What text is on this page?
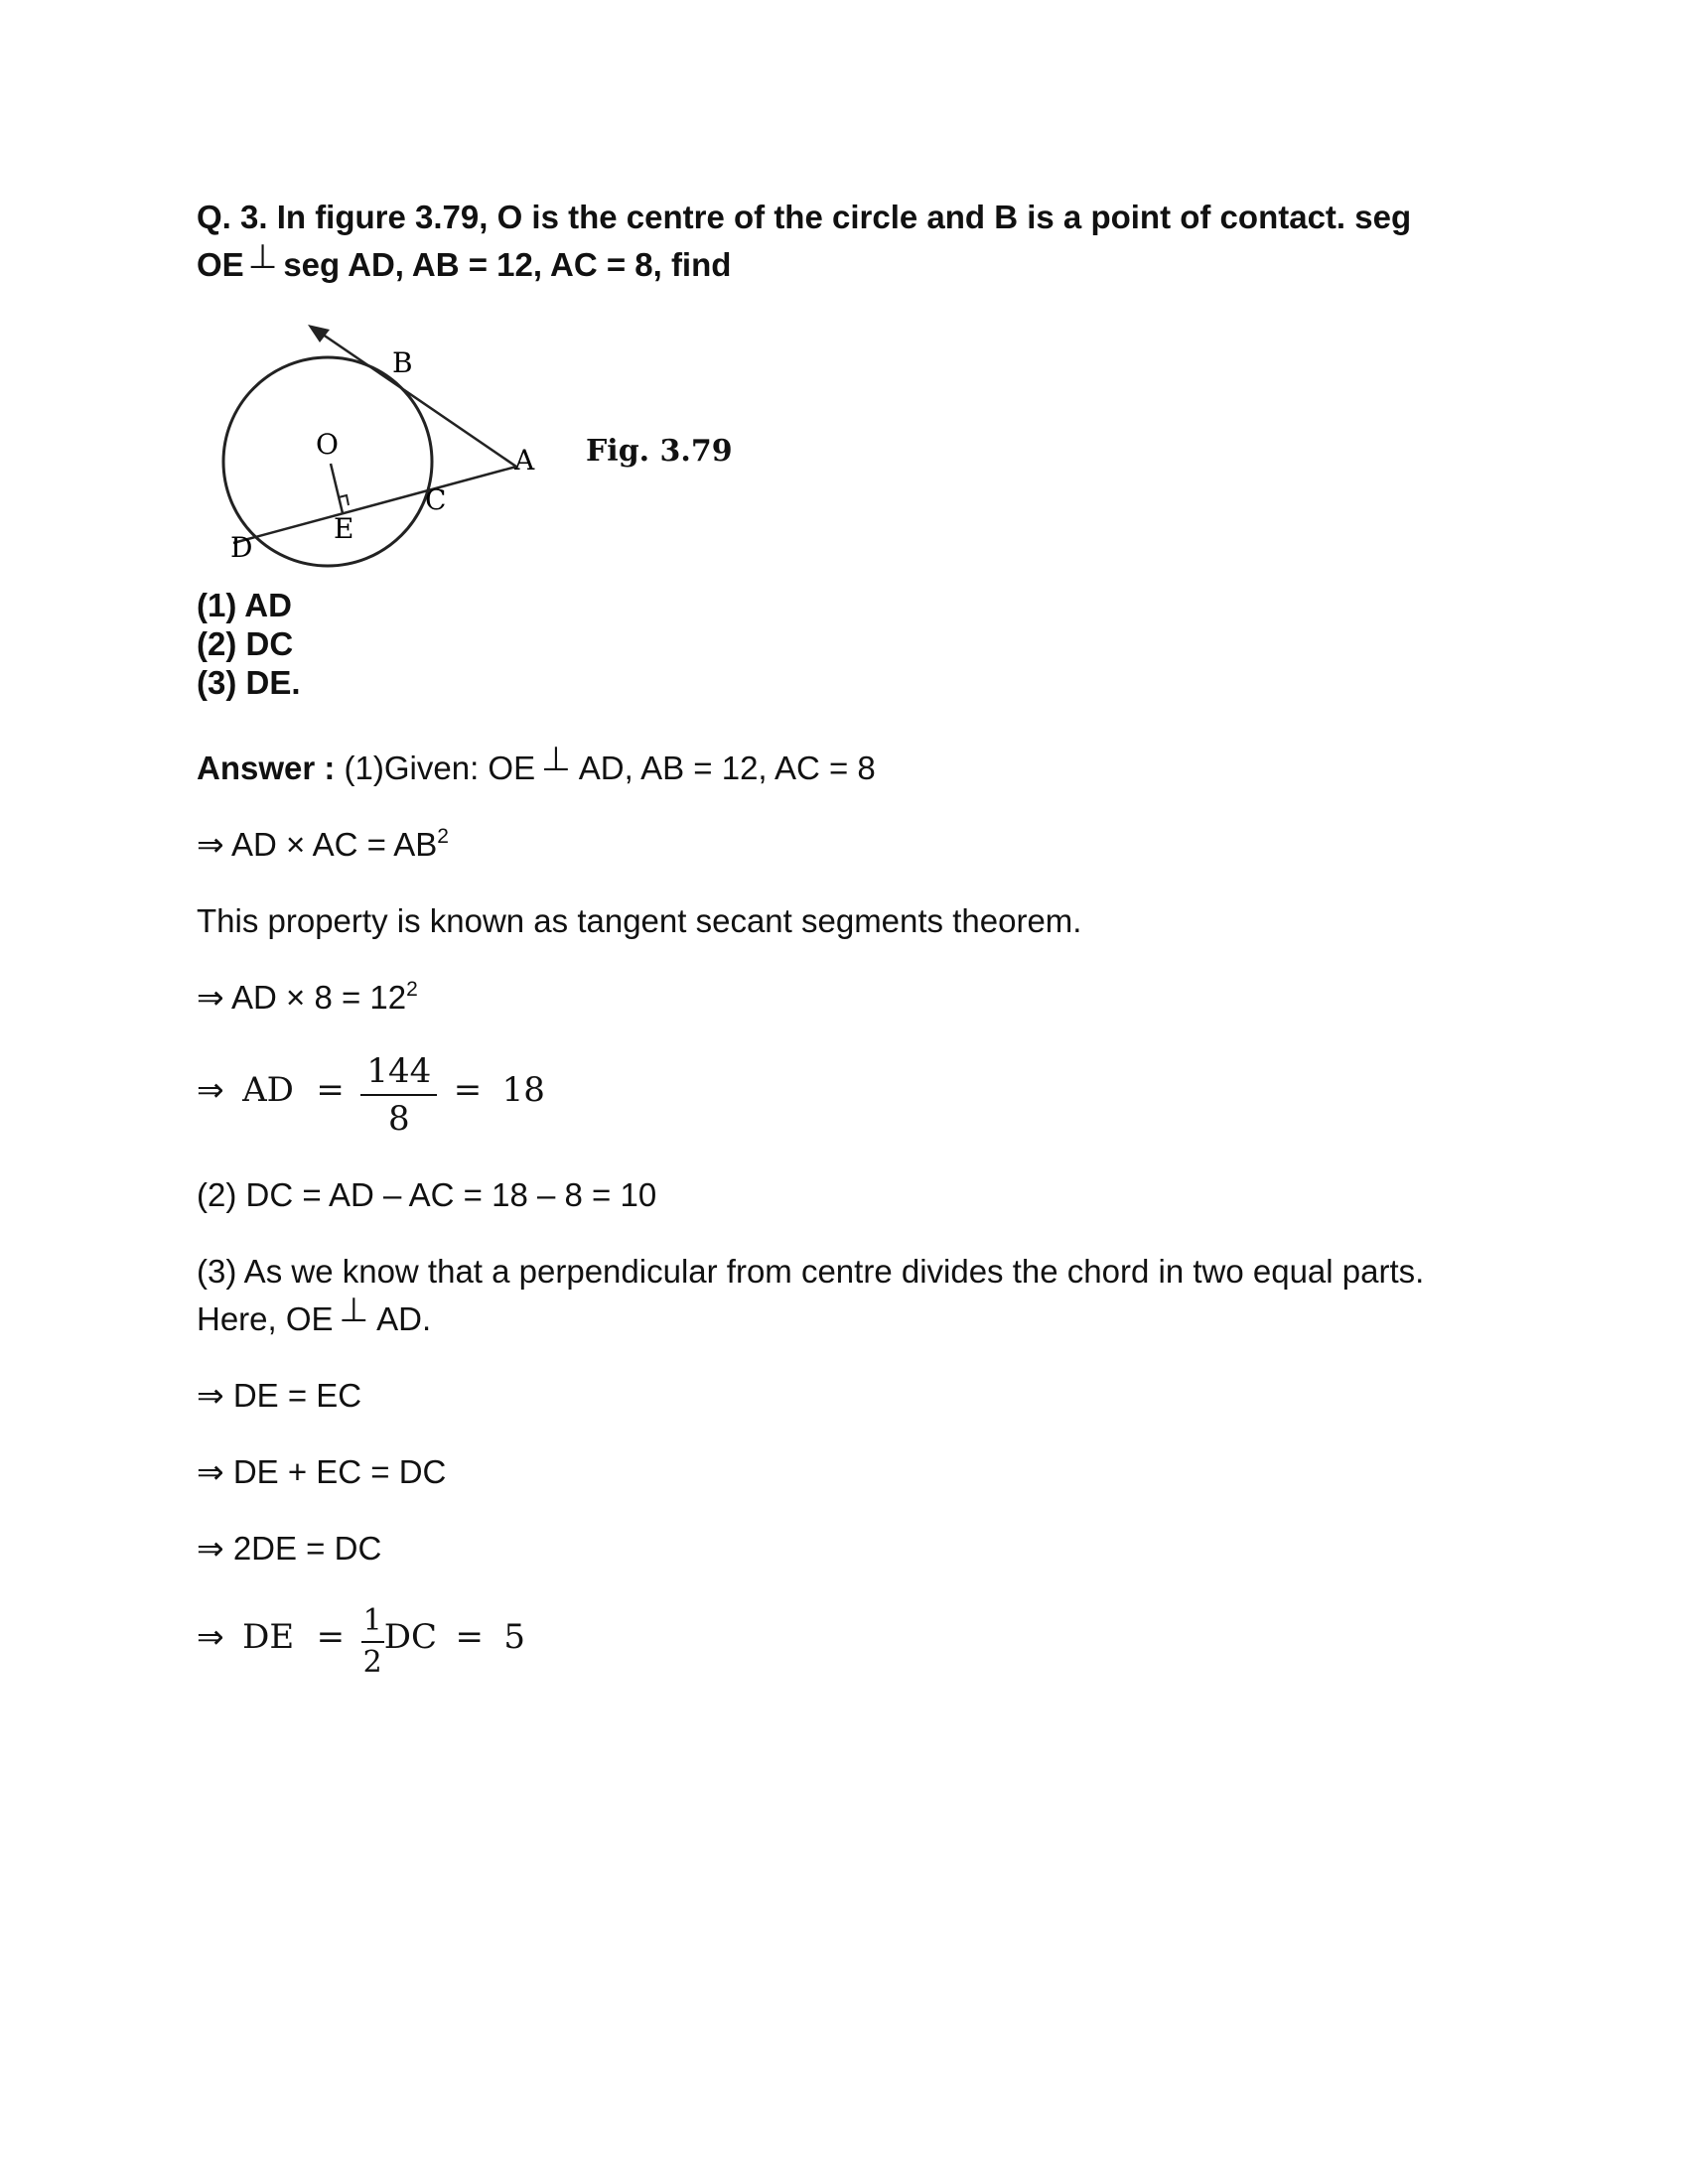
Q. 3. In figure 3.79, O is the centre of the circle and B is a point of contact. seg
OE ⊥ seg AD, AB = 12, AC = 8, find
B
O	A
C
E
D
Fig. 3.79
(1) AD
(2) DC
(3) DE.
Answer : (1)Given: OE ⊥ AD, AB = 12, AC = 8
⇒ AD × AC = $AB^2$
This property is known as tangent secant segments theorem.
⇒ AD × $8 = 12^2$
⇒ AD = $\frac{144}{8} = 18$
(2) DC = AD – AC = 18 – 8 = 10
(3) As we know that a perpendicular from centre divides the chord in two equal parts.
Here, OE ⊥ AD.
⇒ DE = EC
⇒ DE + EC = DC
⇒ 2DE = DC
⇒ DE = $\frac{1}{2}$ DC = 5
